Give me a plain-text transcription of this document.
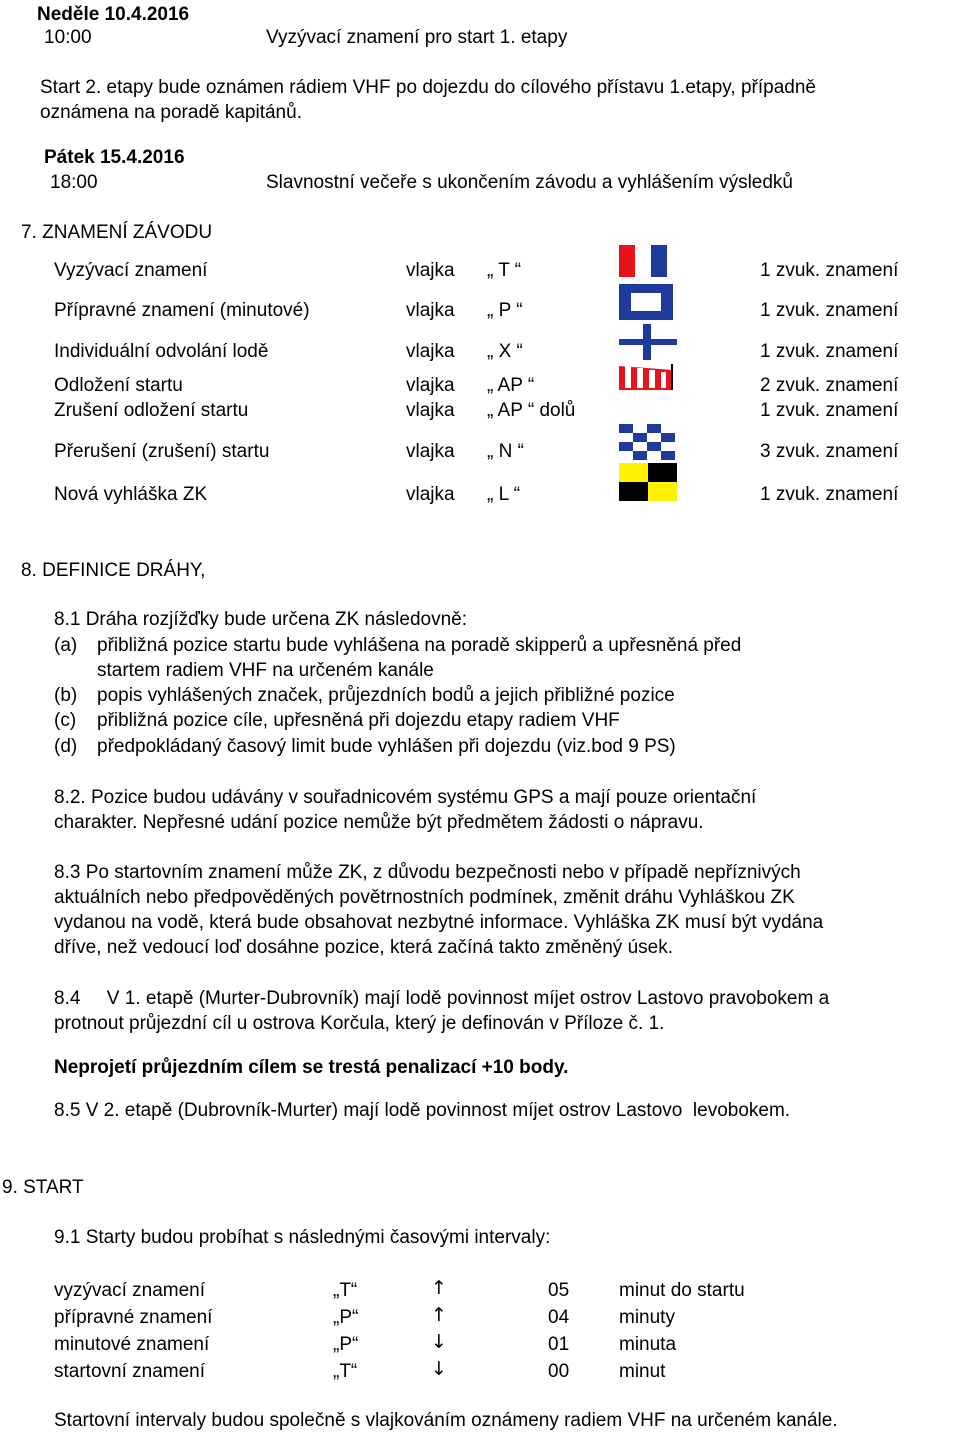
Neděle 10.4.2016
10:00	Vyzývací znamení pro start 1. etapy
Start 2. etapy bude oznámen rádiem VHF po dojezdu do cílového přístavu 1.etapy, případně
oznámena na poradě kapitánů.
Pátek 15.4.2016
18:00	Slavnostní večeře s ukončením závodu a vyhlášením výsledků
7. ZNAMENÍ ZÁVODU
Vyzývací znamení	vlajka „ T “	1 zvuk. znamení
Přípravné znamení (minutové)	vlajka „ P “	1 zvuk. znamení
Individuální odvolání lodě	vlajka „ X “	1 zvuk. znamení
Odložení startu	vlajka „ AP “	2 zvuk. znamení
Zrušení odložení startu	vlajka „ AP “ dolů	1 zvuk. znamení
Přerušení (zrušení) startu	vlajka „ N “	3 zvuk. znamení
Nová vyhláška ZK	vlajka „ L “	1 zvuk. znamení
8. DEFINICE DRÁHY,
8.1 Dráha rozjížďky bude určena ZK následovně:
(a) přibližná pozice startu bude vyhlášena na poradě skipperů a upřesněná před
startem radiem VHF na určeném kanále
(b) popis vyhlášených značek, průjezdních bodů a jejich přibližné pozice
(c) přibližná pozice cíle, upřesněná při dojezdu etapy radiem VHF
(d) předpokládaný časový limit bude vyhlášen při dojezdu (viz.bod 9 PS)
8.2. Pozice budou udávány v souřadnicovém systému GPS a mají pouze orientační
charakter. Nepřesné udání pozice nemůže být předmětem žádosti o nápravu.
8.3 Po startovním znamení může ZK, z důvodu bezpečnosti nebo v případě nepříznivých
aktuálních nebo předpověděných povětrnostních podmínek, změnit dráhu Vyhláškou ZK
vydanou na vodě, která bude obsahovat nezbytné informace. Vyhláška ZK musí být vydána
dříve, než vedoucí loď dosáhne pozice, která začíná takto změněný úsek.
8.4     V 1. etapě (Murter-Dubrovník) mají lodě povinnost míjet ostrov Lastovo pravobokem a
protnout průjezdní cíl u ostrova Korčula, který je definován v Příloze č. 1.
Neprojetí průjezdním cílem se trestá penalizací +10 body.
8.5 V 2. etapě (Dubrovník-Murter) mají lodě povinnost míjet ostrov Lastovo  levobokem.
9. START
9.1 Starty budou probíhat s následnými časovými intervaly:
vyzývací znamení	„T“	↑	05	minut do startu
přípravné znamení	„P“	↑	04	minuty
minutové znamení	„P“	↓	01	minuta
startovní znamení	„T“	↓	00	minut
Startovní intervaly budou společně s vlajkováním oznámeny radiem VHF na určeném kanále.
